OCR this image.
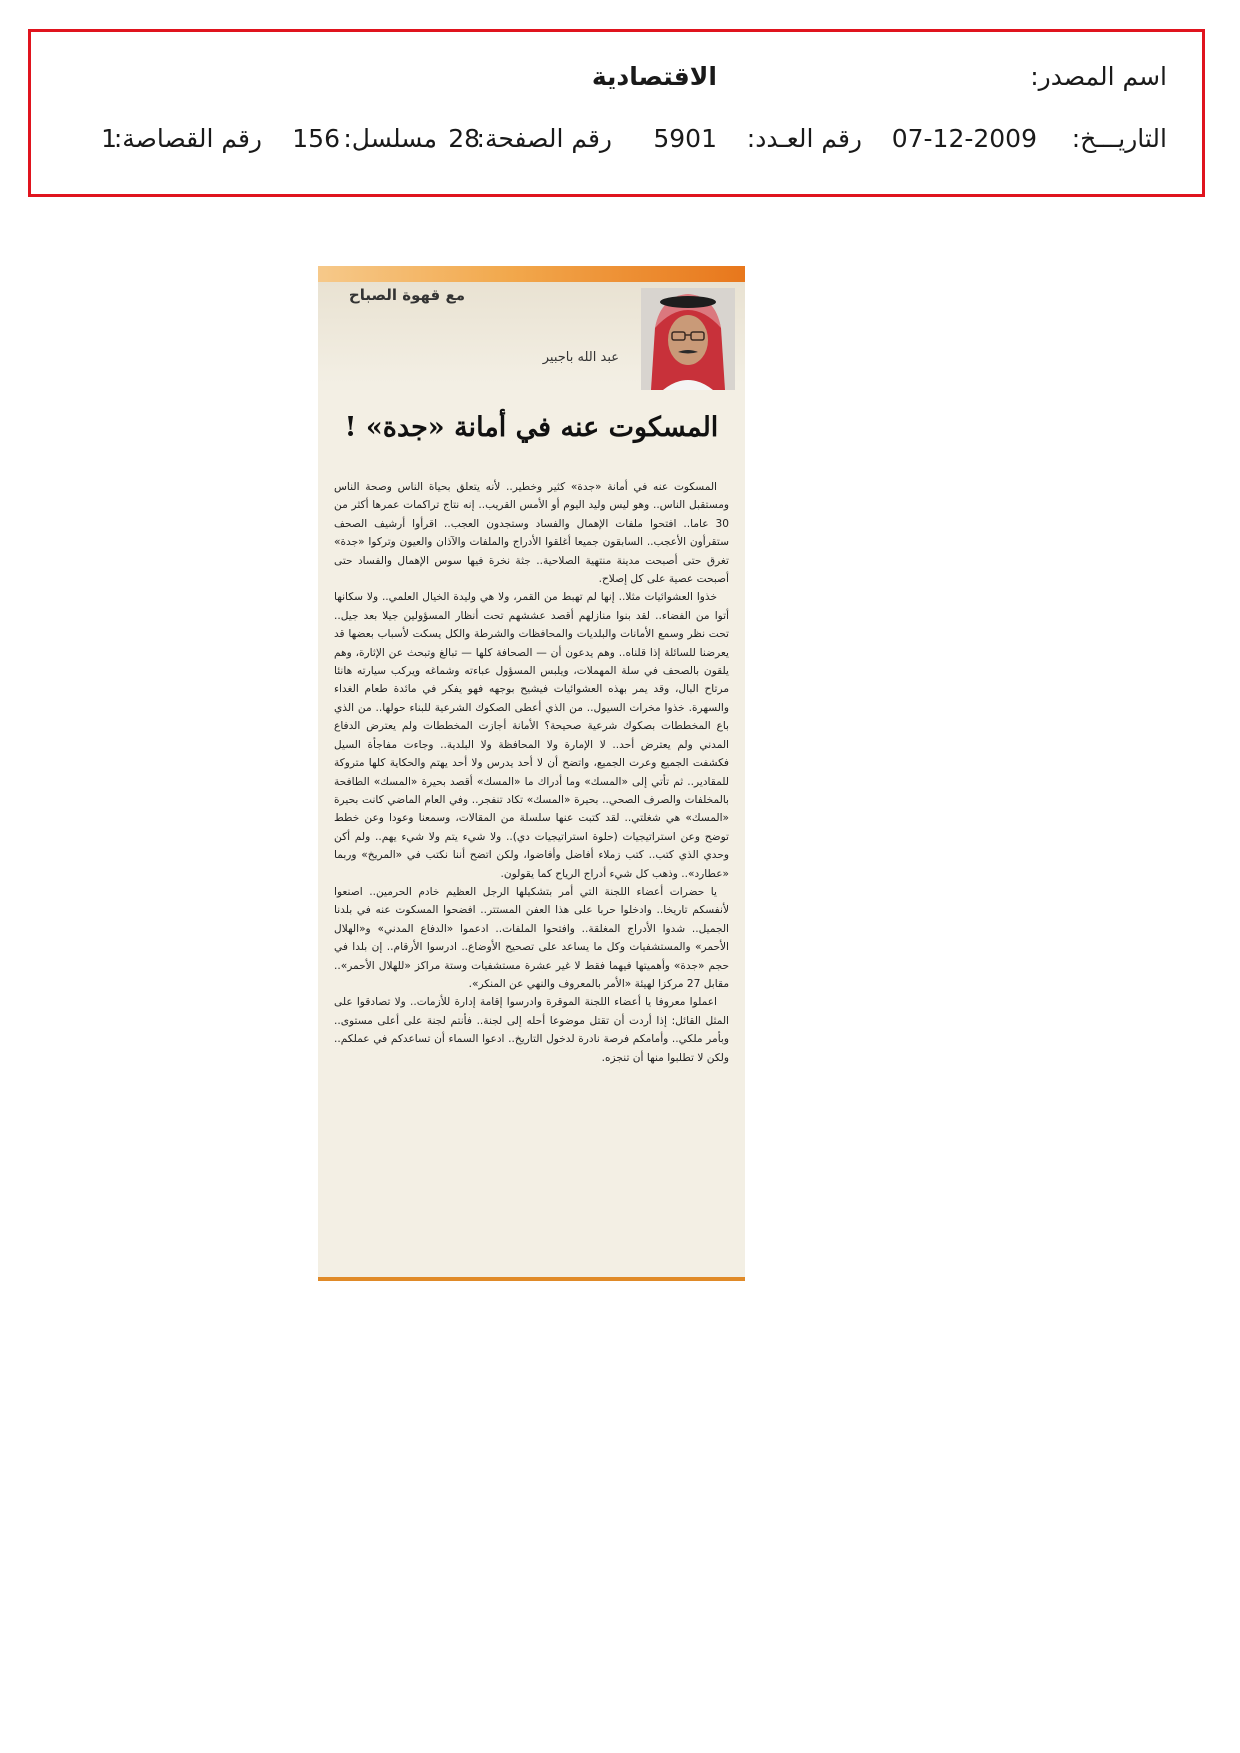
اسم المصدر:
الاقتصادية
التاريـــخ:
07-12-2009
رقم العـدد:
5901
رقم الصفحة:
28
مسلسل:
156
رقم القصاصة:
1
مع قهوة الصباح
عبد الله باجبير
المسكوت عنه في أمانة «جدة» !

المسكوت عنه في أمانة «جدة» كثير وخطير.. لأنه يتعلق بحياة الناس وصحة الناس ومستقبل الناس.. وهو ليس وليد اليوم أو الأمس القريب.. إنه نتاج تراكمات عمرها أكثر من 30 عاما.. افتحوا ملفات الإهمال والفساد وستجدون العجب.. اقرأوا أرشيف الصحف ستقرأون الأعجب.. السابقون جميعا أغلقوا الأدراج والملفات والآذان والعيون وتركوا «جدة» تغرق حتى أصبحت مدينة منتهية الصلاحية.. جثة نخرة فيها سوس الإهمال والفساد حتى أصبحت عصية على كل إصلاح.

خذوا العشوائيات مثلا.. إنها لم تهبط من القمر، ولا هي وليدة الخيال العلمي.. ولا سكانها أتوا من الفضاء.. لقد بنوا منازلهم أقصد عششهم تحت أنظار المسؤولين جيلا بعد جيل.. تحت نظر وسمع الأمانات والبلديات والمحافظات والشرطة والكل يسكت لأسباب بعضها قد يعرضنا للسائلة إذا قلناه.. وهم يدعون أن — الصحافة كلها — تبالغ وتبحث عن الإثارة، وهم يلقون بالصحف في سلة المهملات، ويلبس المسؤول عباءته وشماغه ويركب سيارته هانئا مرتاح البال، وقد يمر بهذه العشوائيات فيشيح بوجهه فهو يفكر في مائدة طعام الغداء والسهرة. خذوا مخرات السيول.. من الذي أعطى الصكوك الشرعية للبناء حولها.. من الذي باع المخططات بصكوك شرعية صحيحة؟ الأمانة أجازت المخططات ولم يعترض الدفاع المدني ولم يعترض أحد.. لا الإمارة ولا المحافظة ولا البلدية.. وجاءت مفاجأة السيل فكشفت الجميع وعرت الجميع، واتضح أن لا أحد يدرس ولا أحد يهتم والحكاية كلها متروكة للمقادير.. ثم تأتي إلى «المسك» وما أدراك ما «المسك» أقصد بحيرة «المسك» الطافحة بالمخلفات والصرف الصحي.. بحيرة «المسك» تكاد تنفجر.. وفي العام الماضي كانت بحيرة «المسك» هي شغلتي.. لقد كتبت عنها سلسلة من المقالات، وسمعنا وعودا وعن خطط توضح وعن استراتيجيات (حلوة استراتيجيات دي).. ولا شيء يتم ولا شيء يهم.. ولم أكن وحدي الذي كتب.. كتب زملاء أفاضل وأفاضوا، ولكن اتضح أننا نكتب في «المريخ» وربما «عطارد».. وذهب كل شيء أدراج الرياح كما يقولون.

يا حضرات أعضاء اللجنة التي أمر بتشكيلها الرجل العظيم خادم الحرمين.. اصنعوا لأنفسكم تاريخا.. وادخلوا حربا على هذا العفن المستتر.. افضحوا المسكوت عنه في بلدنا الجميل.. شدوا الأدراج المغلقة.. وافتحوا الملفات.. ادعموا «الدفاع المدني» و«الهلال الأحمر» والمستشفيات وكل ما يساعد على تصحيح الأوضاع.. ادرسوا الأرقام.. إن بلدا في حجم «جدة» وأهميتها فيهما فقط لا غير عشرة مستشفيات وستة مراكز «للهلال الأحمر».. مقابل 27 مركزا لهيئة «الأمر بالمعروف والنهي عن المنكر».

اعملوا معروفا يا أعضاء اللجنة الموقرة وادرسوا إقامة إدارة للأزمات.. ولا تصادقوا على المثل القائل: إذا أردت أن تقتل موضوعا أحله إلى لجنة.. فأنتم لجنة على أعلى مستوى.. وبأمر ملكي.. وأمامكم فرصة نادرة لدخول التاريخ.. ادعوا السماء أن تساعدكم في عملكم.. ولكن لا تطلبوا منها أن تنجزه.
